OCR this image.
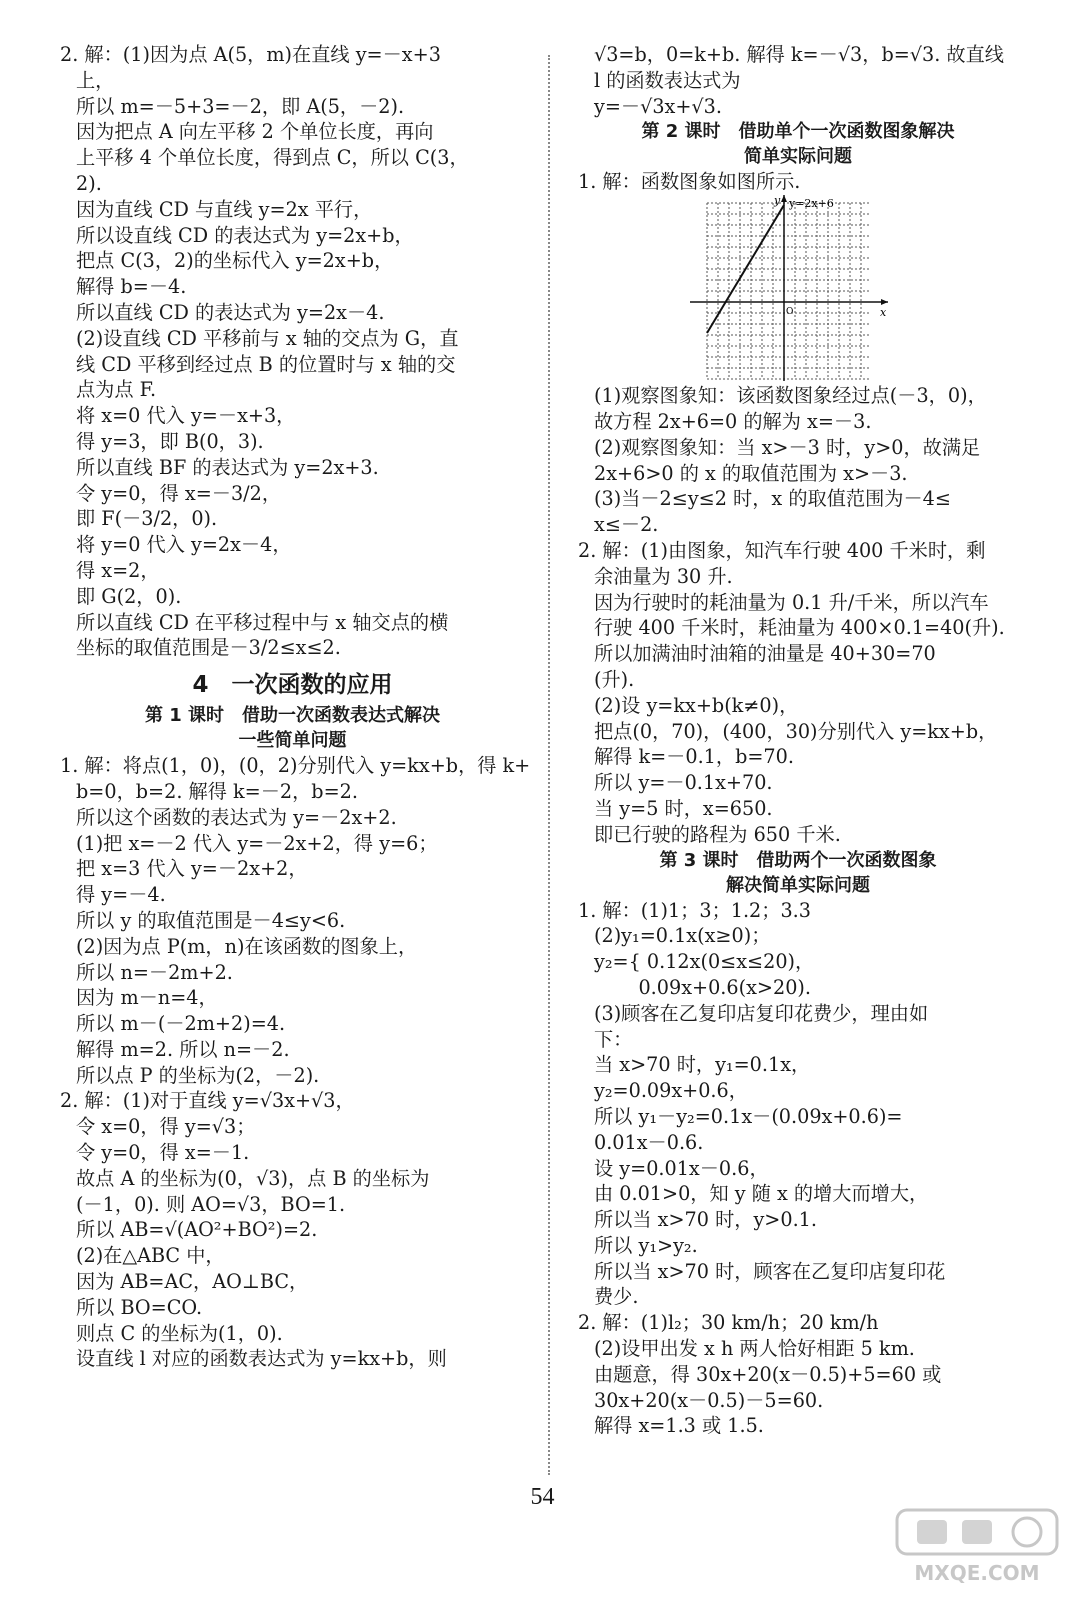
2. 解：(1)因为点 A(5，m)在直线 y=－x+3
上，
所以 m=－5+3=－2，即 A(5，－2).
因为把点 A 向左平移 2 个单位长度，再向
上平移 4 个单位长度，得到点 C，所以 C(3，
2).
因为直线 CD 与直线 y=2x 平行，
所以设直线 CD 的表达式为 y=2x+b，
把点 C(3，2)的坐标代入 y=2x+b，
解得 b=－4.
所以直线 CD 的表达式为 y=2x－4.
(2)设直线 CD 平移前与 x 轴的交点为 G，直
线 CD 平移到经过点 B 的位置时与 x 轴的交
点为点 F.
将 x=0 代入 y=－x+3，
得 y=3，即 B(0，3).
所以直线 BF 的表达式为 y=2x+3.
令 y=0，得 x=－3/2，
即 F(－3/2，0).
将 y=0 代入 y=2x－4，
得 x=2，
即 G(2，0).
所以直线 CD 在平移过程中与 x 轴交点的横
坐标的取值范围是－3/2≤x≤2.
4　一次函数的应用
第 1 课时　借助一次函数表达式解决
一些简单问题
1. 解：将点(1，0)，(0，2)分别代入 y=kx+b，得 k+
b=0，b=2. 解得 k=－2，b=2.
所以这个函数的表达式为 y=－2x+2.
(1)把 x=－2 代入 y=－2x+2，得 y=6；
把 x=3 代入 y=－2x+2，
得 y=－4.
所以 y 的取值范围是－4≤y<6.
(2)因为点 P(m，n)在该函数的图象上，
所以 n=－2m+2.
因为 m－n=4，
所以 m－(－2m+2)=4.
解得 m=2. 所以 n=－2.
所以点 P 的坐标为(2，－2).
2. 解：(1)对于直线 y=√3x+√3，
令 x=0，得 y=√3；
令 y=0，得 x=－1.
故点 A 的坐标为(0，√3)，点 B 的坐标为
(－1，0). 则 AO=√3，BO=1.
所以 AB=√(AO²+BO²)=2.
(2)在△ABC 中，
因为 AB=AC，AO⊥BC，
所以 BO=CO.
则点 C 的坐标为(1，0).
设直线 l 对应的函数表达式为 y=kx+b，则
√3=b，0=k+b. 解得 k=－√3，b=√3. 故直线
l 的函数表达式为
y=－√3x+√3.
第 2 课时　借助单个一次函数图象解决
简单实际问题
1. 解：函数图象如图所示.
y y=2x+6
x
O
(1)观察图象知：该函数图象经过点(－3，0)，
故方程 2x+6=0 的解为 x=－3.
(2)观察图象知：当 x>－3 时，y>0，故满足
2x+6>0 的 x 的取值范围为 x>－3.
(3)当－2≤y≤2 时，x 的取值范围为－4≤
x≤－2.
2. 解：(1)由图象，知汽车行驶 400 千米时，剩
余油量为 30 升.
因为行驶时的耗油量为 0.1 升/千米，所以汽车
行驶 400 千米时，耗油量为 400×0.1=40(升).
所以加满油时油箱的油量是 40+30=70
(升).
(2)设 y=kx+b(k≠0)，
把点(0，70)，(400，30)分别代入 y=kx+b，
解得 k=－0.1，b=70.
所以 y=－0.1x+70.
当 y=5 时，x=650.
即已行驶的路程为 650 千米.
第 3 课时　借助两个一次函数图象
解决简单实际问题
1. 解：(1)1；3；1.2；3.3
(2)y₁=0.1x(x≥0)；
y₂={ 0.12x(0≤x≤20)，
　　 0.09x+0.6(x>20).
(3)顾客在乙复印店复印花费少，理由如
下：
当 x>70 时，y₁=0.1x，
y₂=0.09x+0.6，
所以 y₁－y₂=0.1x－(0.09x+0.6)=
0.01x－0.6.
设 y=0.01x－0.6，
由 0.01>0，知 y 随 x 的增大而增大，
所以当 x>70 时，y>0.1.
所以 y₁>y₂.
所以当 x>70 时，顾客在乙复印店复印花
费少.
2. 解：(1)l₂；30 km/h；20 km/h
(2)设甲出发 x h 两人恰好相距 5 km.
由题意，得 30x+20(x－0.5)+5=60 或
30x+20(x－0.5)－5=60.
解得 x=1.3 或 1.5.
54
MXQE.COM
